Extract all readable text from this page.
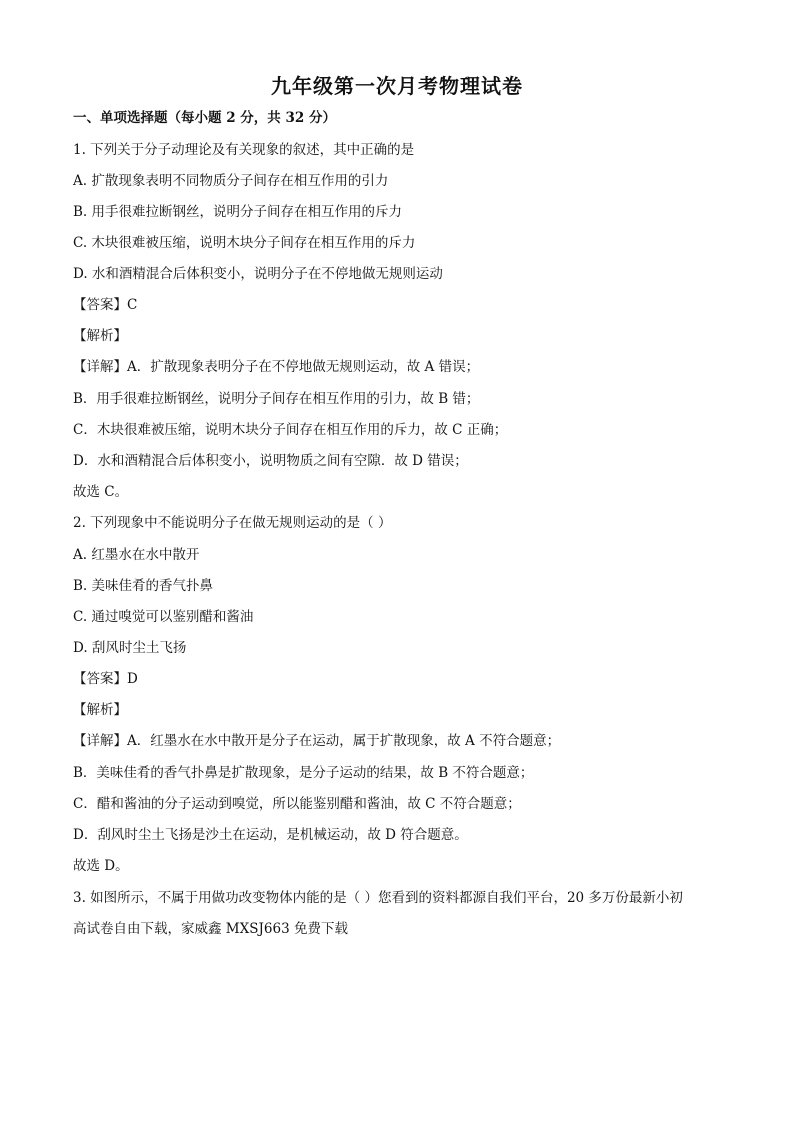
九年级第一次月考物理试卷
一、单项选择题（每小题 2 分，共 32 分）
1. 下列关于分子动理论及有关现象的叙述，其中正确的是
A. 扩散现象表明不同物质分子间存在相互作用的引力
B. 用手很难拉断钢丝，说明分子间存在相互作用的斥力
C. 木块很难被压缩，说明木块分子间存在相互作用的斥力
D. 水和酒精混合后体积变小，说明分子在不停地做无规则运动
【答案】C
【解析】
【详解】A．扩散现象表明分子在不停地做无规则运动，故 A 错误；
B．用手很难拉断钢丝，说明分子间存在相互作用的引力，故 B 错；
C．木块很难被压缩，说明木块分子间存在相互作用的斥力，故 C 正确；
D．水和酒精混合后体积变小，说明物质之间有空隙．故 D 错误；
故选 C。
2. 下列现象中不能说明分子在做无规则运动的是（ ）
A. 红墨水在水中散开
B. 美味佳肴的香气扑鼻
C. 通过嗅觉可以鉴别醋和酱油
D. 刮风时尘土飞扬
【答案】D
【解析】
【详解】A．红墨水在水中散开是分子在运动，属于扩散现象，故 A 不符合题意；
B．美味佳肴的香气扑鼻是扩散现象，是分子运动的结果，故 B 不符合题意；
C．醋和酱油的分子运动到嗅觉，所以能鉴别醋和酱油，故 C 不符合题意；
D．刮风时尘土飞扬是沙土在运动，是机械运动，故 D 符合题意。
故选 D。
3. 如图所示，不属于用做功改变物体内能的是（ ）您看到的资料都源自我们平台，20 多万份最新小初
高试卷自由下载，家威鑫 MXSJ663 免费下载
